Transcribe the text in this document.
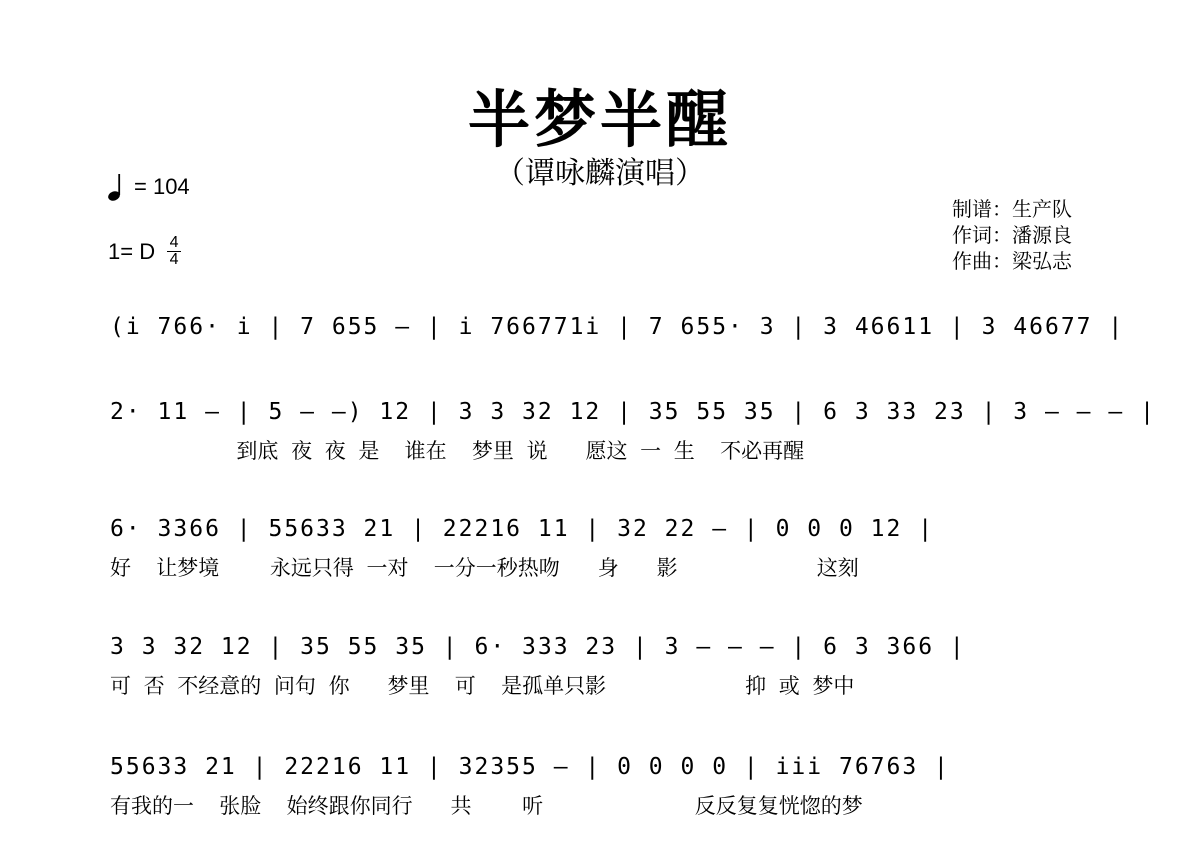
半梦半醒
（谭咏麟演唱）
= 104
1= D $\frac{4}{4}$
制谱：生产队
作词：潘源良
作曲：梁弘志
(i 766· i | 7 655 – | i 766771i | 7 655· 3 | 3 46611 | 3 46677 |
2· 11 – | 5 – –) 12 | 3 3 32 12 | 35 55 35 | 6 3 33 23 | 3 – – – |
到底 夜 夜 是  谁在  梦里 说   愿这 一 生  不必再醒
6· 3366 | 55633 21 | 22216 11 | 32 22 – | 0 0 0 12 |
好  让梦境    永远只得 一对  一分一秒热吻   身   影           这刻
3 3 32 12 | 35 55 35 | 6· 333 23 | 3 – – – | 6 3 366 |
可 否 不经意的 问句 你   梦里  可  是孤单只影           抑 或 梦中
55633 21 | 22216 11 | 32355 – | 0 0 0 0 | iii 76763 |
有我的一  张脸  始终跟你同行   共    听            反反复复恍惚的梦
